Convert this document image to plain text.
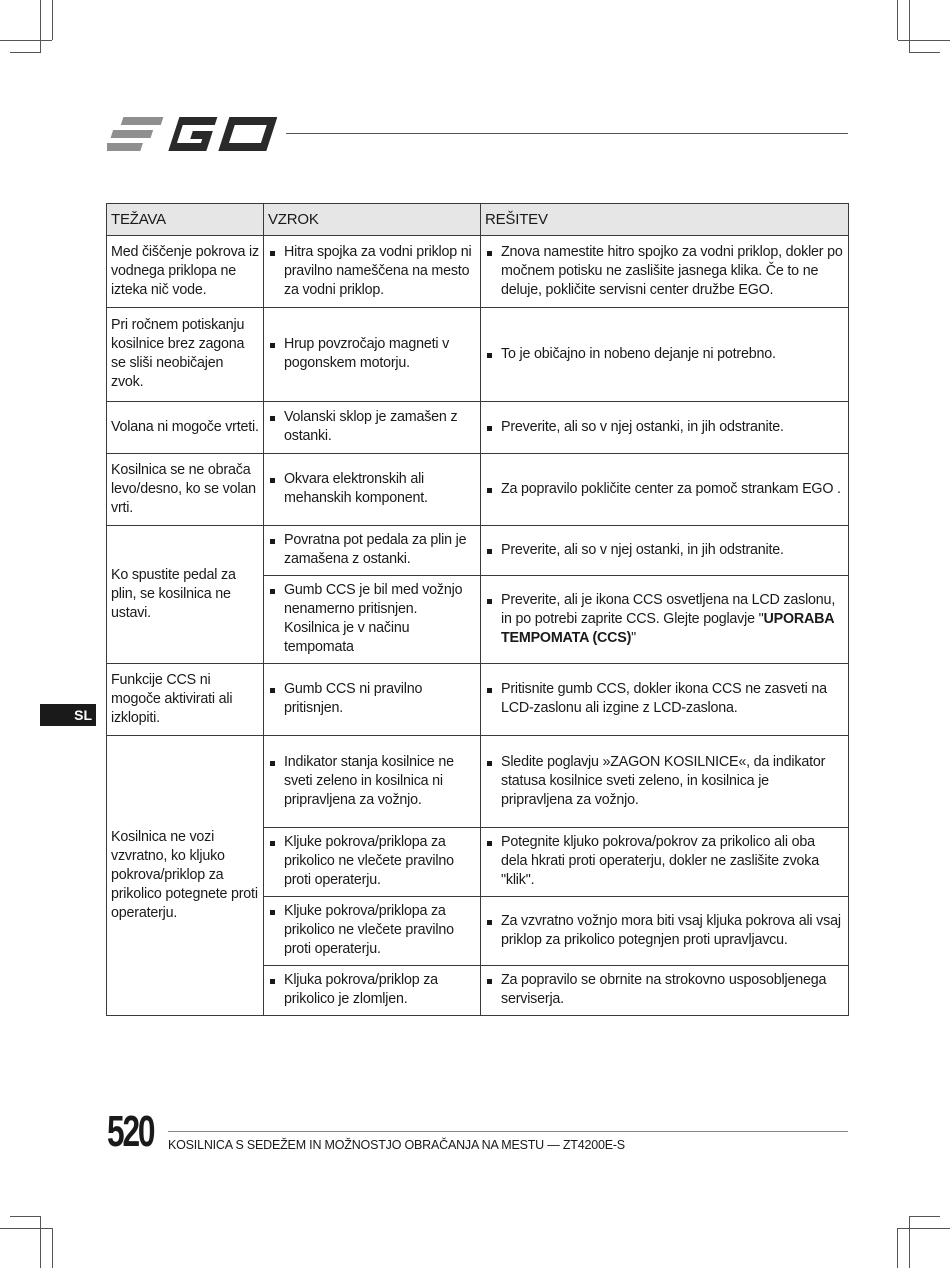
TEŽAVA	VZROK	REŠITEV
Med čiščenje pokrova iz vodnega priklopa ne izteka nič vode.	Hitra spojka za vodni priklop ni pravilno nameščena na mesto za vodni priklop.	Znova namestite hitro spojko za vodni priklop, dokler po močnem potisku ne zaslišite jasnega klika. Če to ne deluje, pokličite servisni center družbe EGO.

Pri ročnem potiskanju kosilnice brez zagona se sliši neobičajen zvok.	Hrup povzročajo magneti v pogonskem motorju.	To je običajno in nobeno dejanje ni potrebno.

Volana ni mogoče vrteti.	Volanski sklop je zamašen z ostanki.	Preverite, ali so v njej ostanki, in jih odstranite.

Kosilnica se ne obrača levo/desno, ko se volan vrti.	Okvara elektronskih ali mehanskih komponent.	Za popravilo pokličite center za pomoč strankam EGO .

Ko spustite pedal za plin, se kosilnica ne ustavi.	Povratna pot pedala za plin je zamašena z ostanki.	Preverite, ali so v njej ostanki, in jih odstranite.

	Gumb CCS je bil med vožnjo nenamerno pritisnjen. Kosilnica je v načinu tempomata	Preverite, ali je ikona CCS osvetljena na LCD zaslonu, in po potrebi zaprite CCS. Glejte poglavje "UPORABA TEMPOMATA (CCS)"

Funkcije CCS ni mogoče aktivirati ali izklopiti.	Gumb CCS ni pravilno pritisnjen.	Pritisnite gumb CCS, dokler ikona CCS ne zasveti na LCD-zaslonu ali izgine z LCD-zaslona.

Kosilnica ne vozi vzvratno, ko kljuko pokrova/priklop za prikolico potegnete proti operaterju.	Indikator stanja kosilnice ne sveti zeleno in kosilnica ni pripravljena za vožnjo.	Sledite poglavju »ZAGON KOSILNICE«, da indikator statusa kosilnice sveti zeleno, in kosilnica je pripravljena za vožnjo.

	Kljuke pokrova/priklopa za prikolico ne vlečete pravilno proti operaterju.	Potegnite kljuko pokrova/pokrov za prikolico ali oba dela hkrati proti operaterju, dokler ne zaslišite zvoka "klik".

	Kljuke pokrova/priklopa za prikolico ne vlečete pravilno proti operaterju.	Za vzvratno vožnjo mora biti vsaj kljuka pokrova ali vsaj priklop za prikolico potegnjen proti upravljavcu.

	Kljuka pokrova/priklop za prikolico je zlomljen.	Za popravilo se obrnite na strokovno usposobljenega serviserja.
SL
520 KOSILNICA S SEDEŽEM IN MOŽNOSTJO OBRAČANJA NA MESTU — ZT4200E-S
